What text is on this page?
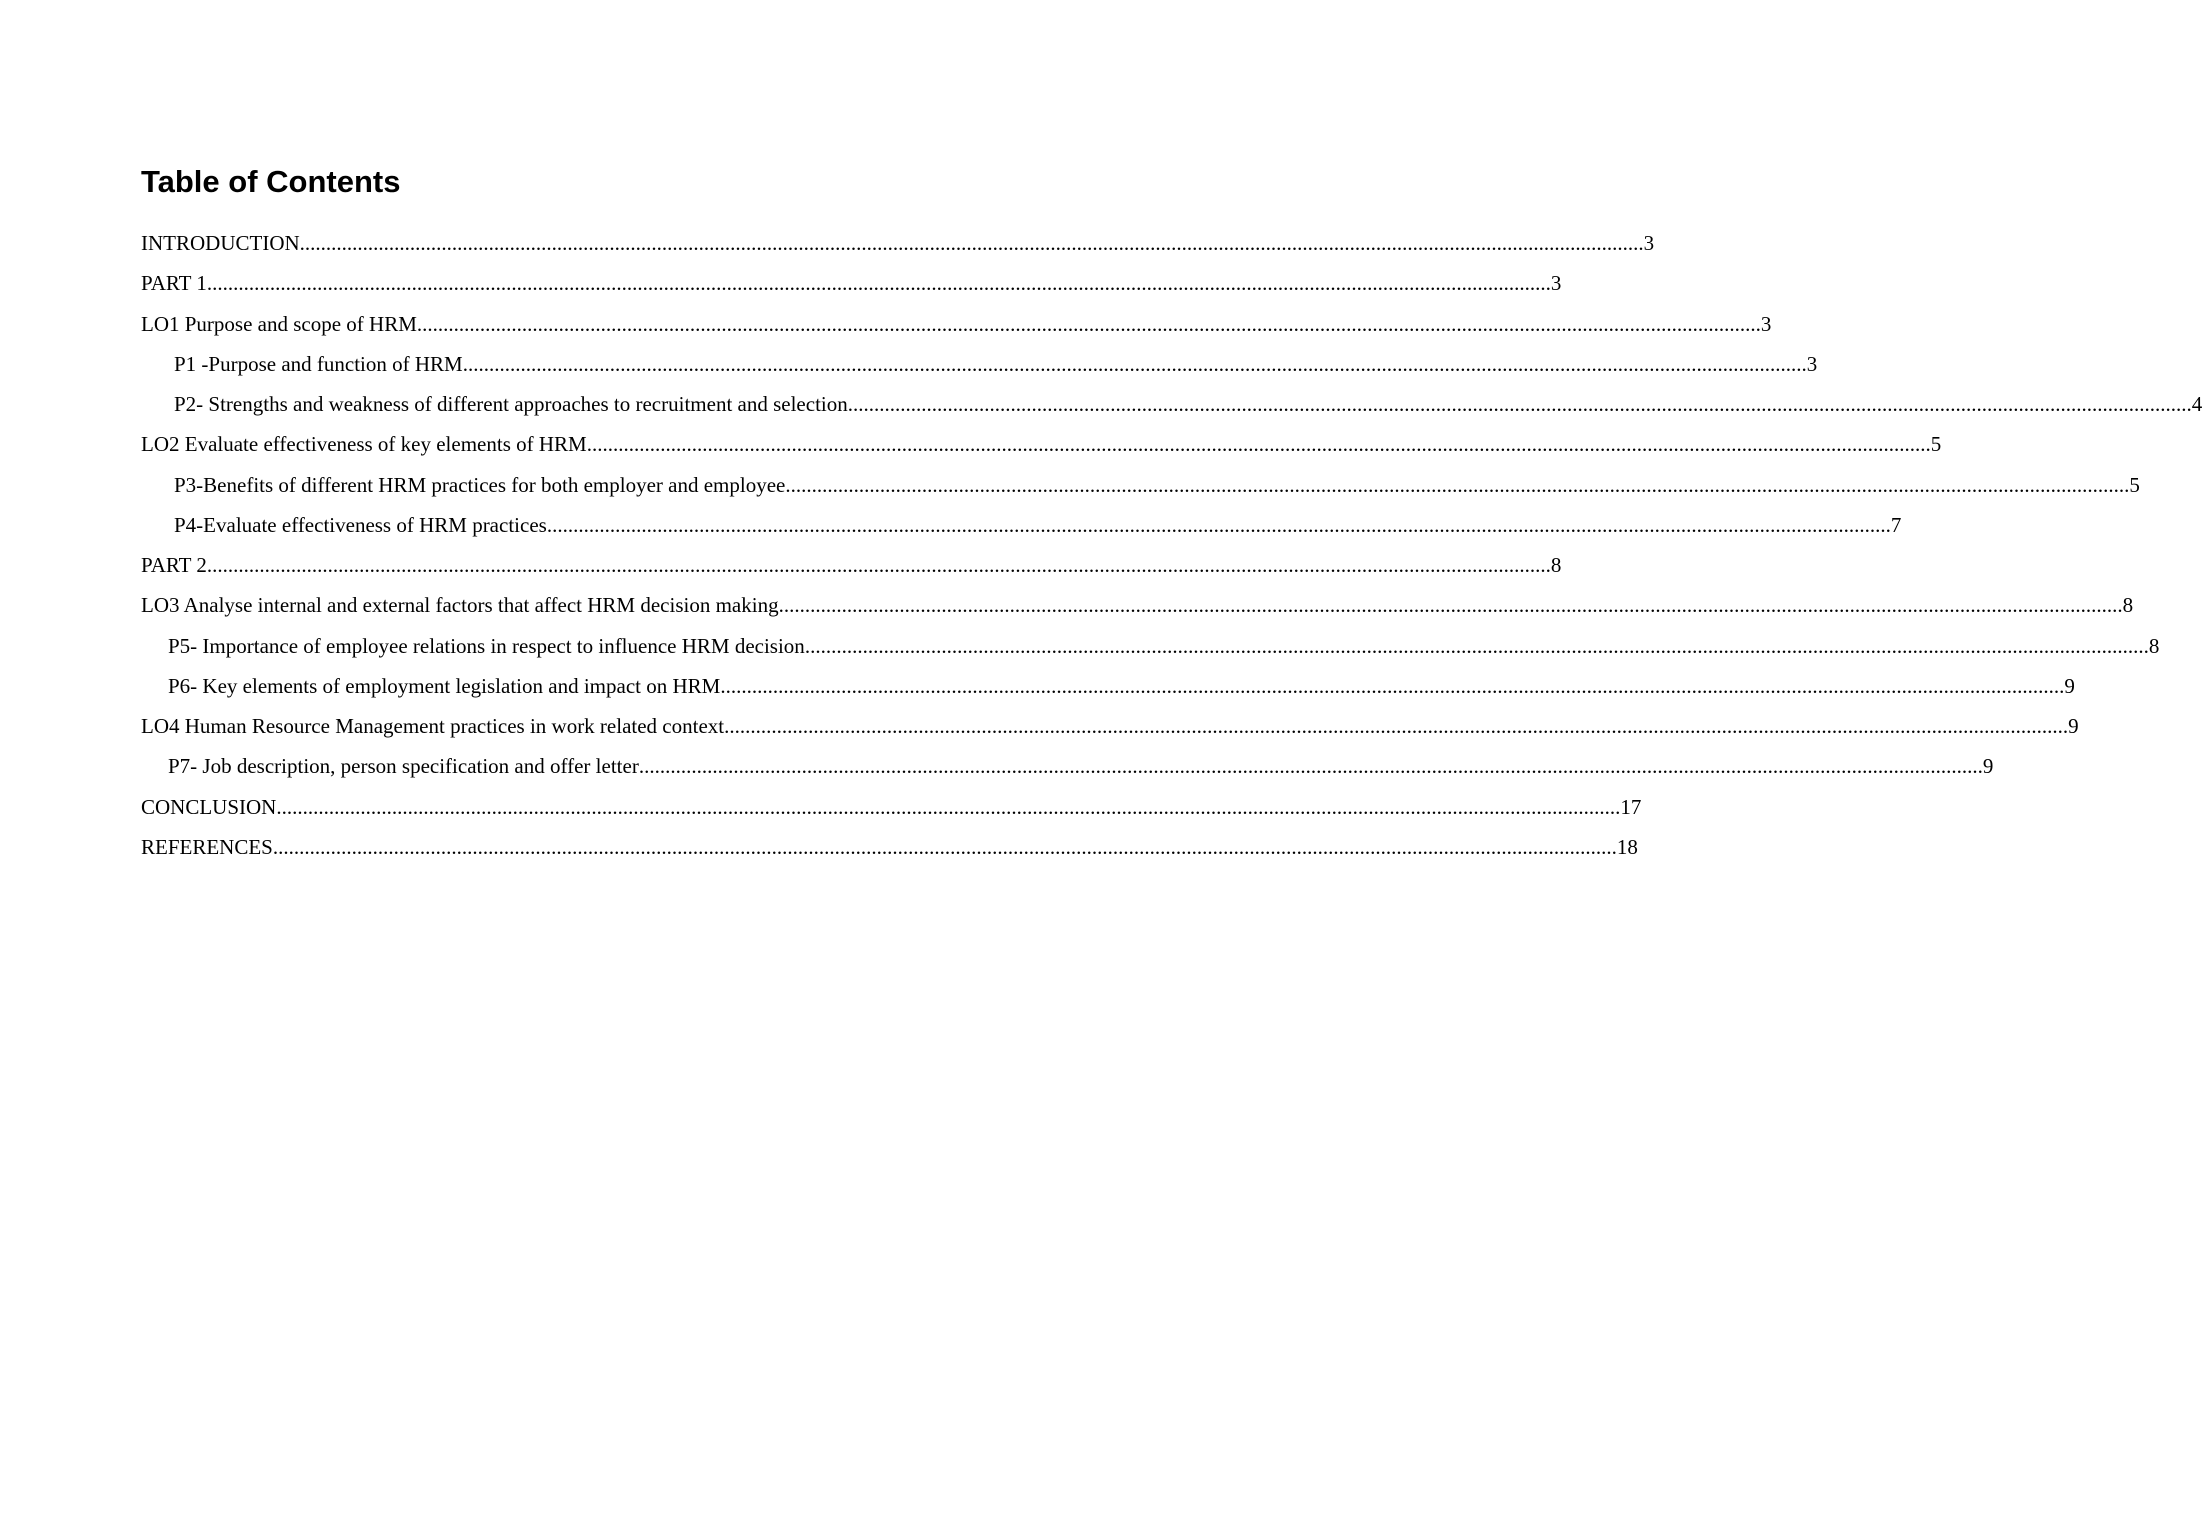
Table of Contents
INTRODUCTION ................................................................................................................................................................................................................................................................ 3
PART 1 ................................................................................................................................................................................................................................................................ 3
LO1 Purpose and scope of HRM ................................................................................................................................................................................................................................................................ 3
P1 -Purpose and function of HRM ................................................................................................................................................................................................................................................................ 3
P2- Strengths and weakness of different approaches to recruitment and selection ................................................................................................................................................................................................................................................................ 4
LO2 Evaluate effectiveness of key elements of HRM ................................................................................................................................................................................................................................................................ 5
P3-Benefits of different HRM practices for both employer and employee ................................................................................................................................................................................................................................................................ 5
P4-Evaluate effectiveness of HRM practices ................................................................................................................................................................................................................................................................ 7
PART 2 ................................................................................................................................................................................................................................................................ 8
LO3 Analyse internal and external factors that affect HRM decision making ................................................................................................................................................................................................................................................................ 8
P5- Importance of employee relations in respect to influence HRM decision ................................................................................................................................................................................................................................................................ 8
P6- Key elements of employment legislation and impact on HRM ................................................................................................................................................................................................................................................................ 9
LO4 Human Resource Management practices in work related context ................................................................................................................................................................................................................................................................ 9
P7- Job description, person specification and offer letter ................................................................................................................................................................................................................................................................ 9
CONCLUSION ................................................................................................................................................................................................................................................................ 17
REFERENCES ................................................................................................................................................................................................................................................................ 18
